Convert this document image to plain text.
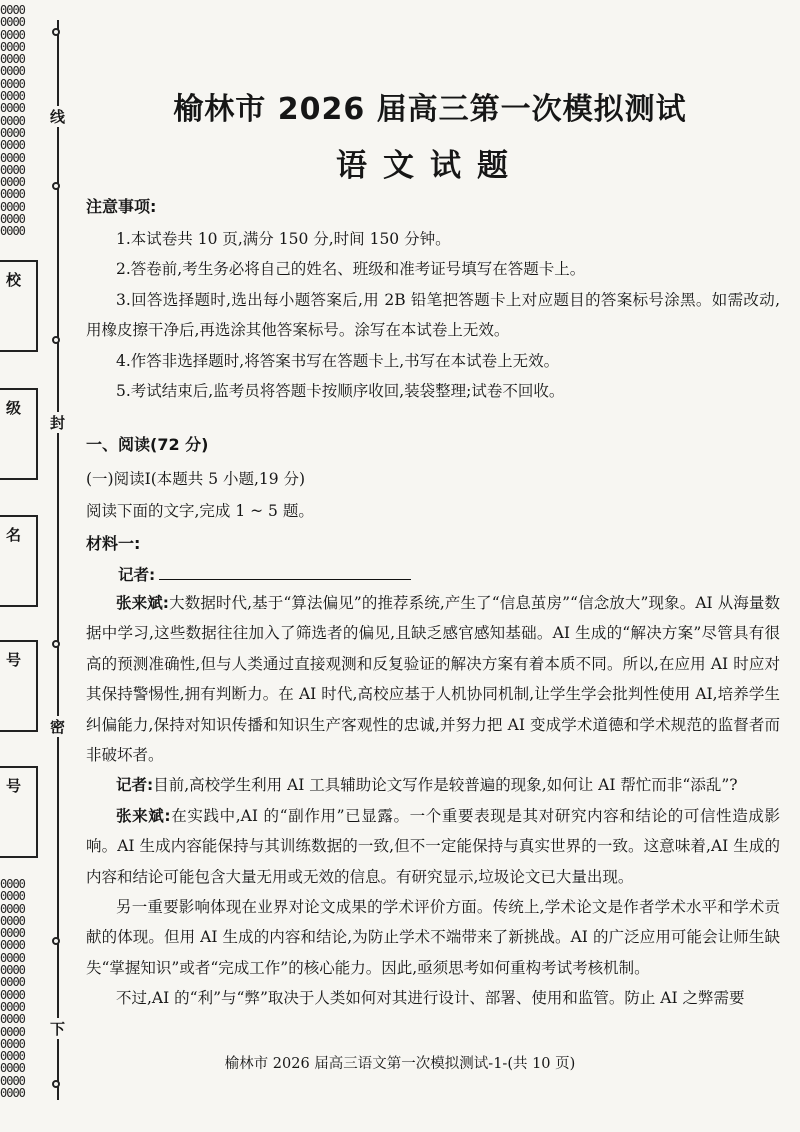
0000
0000
0000
0000
0000
0000
0000
0000
0000
0000
0000
0000
0000
0000
0000
0000
0000
0000
0000
0000
0000
0000
0000
0000
0000
0000
0000
0000
0000
0000
0000
0000
0000
0000
0000
0000
0000
线
封
密
下
校
级
名
号
号
榆林市 2026 届高三第一次模拟测试
语文试题
注意事项:
1.本试卷共 10 页,满分 150 分,时间 150 分钟。
2.答卷前,考生务必将自己的姓名、班级和准考证号填写在答题卡上。
3.回答选择题时,选出每小题答案后,用 2B 铅笔把答题卡上对应题目的答案标号涂黑。如需改动,用橡皮擦干净后,再选涂其他答案标号。涂写在本试卷上无效。
4.作答非选择题时,将答案书写在答题卡上,书写在本试卷上无效。
5.考试结束后,监考员将答题卡按顺序收回,装袋整理;试卷不回收。
一、阅读(72 分)
(一)阅读Ⅰ(本题共 5 小题,19 分)
阅读下面的文字,完成 1 ~ 5 题。
材料一:
记者:

张来斌:大数据时代,基于“算法偏见”的推荐系统,产生了“信息茧房”“信念放大”现象。AI 从海量数据中学习,这些数据往往加入了筛选者的偏见,且缺乏感官感知基础。AI 生成的“解决方案”尽管具有很高的预测准确性,但与人类通过直接观测和反复验证的解决方案有着本质不同。所以,在应用 AI 时应对其保持警惕性,拥有判断力。在 AI 时代,高校应基于人机协同机制,让学生学会批判性使用 AI,培养学生纠偏能力,保持对知识传播和知识生产客观性的忠诚,并努力把 AI 变成学术道德和学术规范的监督者而非破坏者。

记者:目前,高校学生利用 AI 工具辅助论文写作是较普遍的现象,如何让 AI 帮忙而非“添乱”?

张来斌:在实践中,AI 的“副作用”已显露。一个重要表现是其对研究内容和结论的可信性造成影响。AI 生成内容能保持与其训练数据的一致,但不一定能保持与真实世界的一致。这意味着,AI 生成的内容和结论可能包含大量无用或无效的信息。有研究显示,垃圾论文已大量出现。

另一重要影响体现在业界对论文成果的学术评价方面。传统上,学术论文是作者学术水平和学术贡献的体现。但用 AI 生成的内容和结论,为防止学术不端带来了新挑战。AI 的广泛应用可能会让师生缺失“掌握知识”或者“完成工作”的核心能力。因此,亟须思考如何重构考试考核机制。

不过,AI 的“利”与“弊”取决于人类如何对其进行设计、部署、使用和监管。防止 AI 之弊需要

榆林市 2026 届高三语文第一次模拟测试-1-(共 10 页)
